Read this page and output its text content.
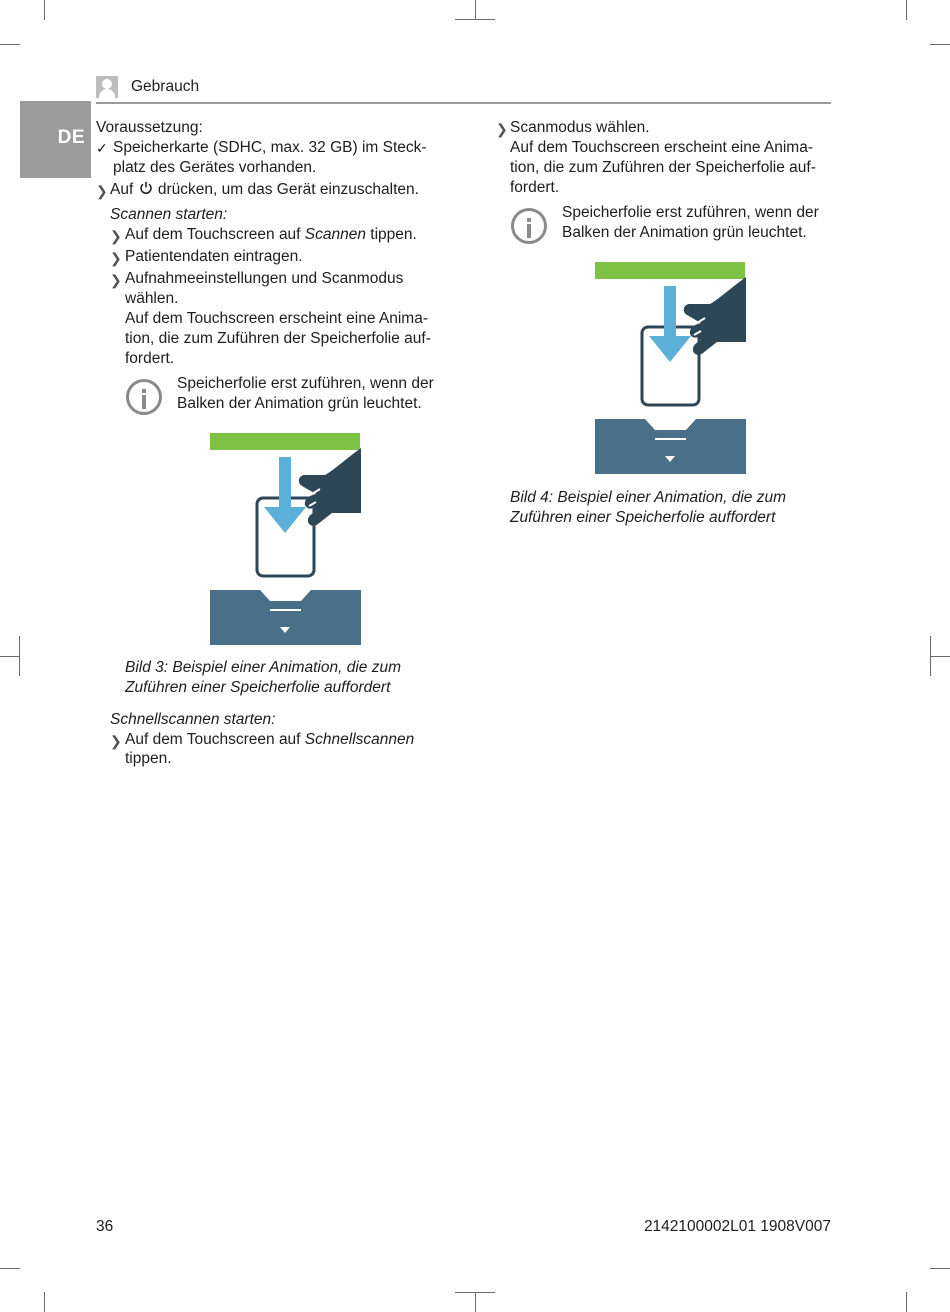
Gebrauch
DE Voraussetzung:
✓ Speicherkarte (SDHC, max. 32 GB) im Steck-
platz des Gerätes vorhanden.
❯ Auf drücken, um das Gerät einzuschalten.
Scannen starten:
❯ Auf dem Touchscreen auf Scannen tippen.
❯ Patientendaten eintragen.
❯ Aufnahmeeinstellungen und Scanmodus
wählen.
Auf dem Touchscreen erscheint eine Anima-
tion, die zum Zuführen der Speicherfolie auf-
fordert.
Speicherfolie erst zuführen, wenn der
Balken der Animation grün leuchtet.
Bild 3: Beispiel einer Animation, die zum
Zuführen einer Speicherfolie auffordert
Schnellscannen starten:
❯ Auf dem Touchscreen auf Schnellscannen
tippen.
❯ Scanmodus wählen.
Auf dem Touchscreen erscheint eine Anima-
tion, die zum Zuführen der Speicherfolie auf-
fordert.
Speicherfolie erst zuführen, wenn der
Balken der Animation grün leuchtet.
Bild 4: Beispiel einer Animation, die zum
Zuführen einer Speicherfolie auffordert
36	2142100002L01 1908V007
